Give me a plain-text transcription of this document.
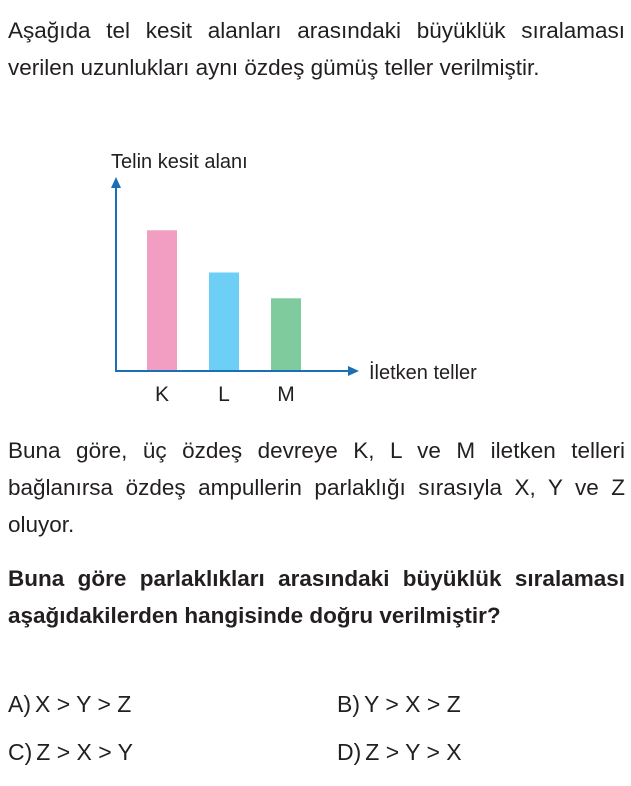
Aşağıda tel kesit alanları arasındaki büyüklük sıralaması verilen uzunlukları aynı özdeş gümüş teller verilmiştir.

Telin kesit alanı
İletken teller
K L M

Buna göre, üç özdeş devreye K, L ve M iletken telleri bağlanırsa özdeş ampullerin parlaklığı sırasıyla X, Y ve Z oluyor.

Buna göre parlaklıkları arasındaki büyüklük sıralaması aşağıdakilerden hangisinde doğru verilmiştir?

A) X > Y > Z	B) Y > X > Z
C) Z > X > Y	D) Z > Y > X
